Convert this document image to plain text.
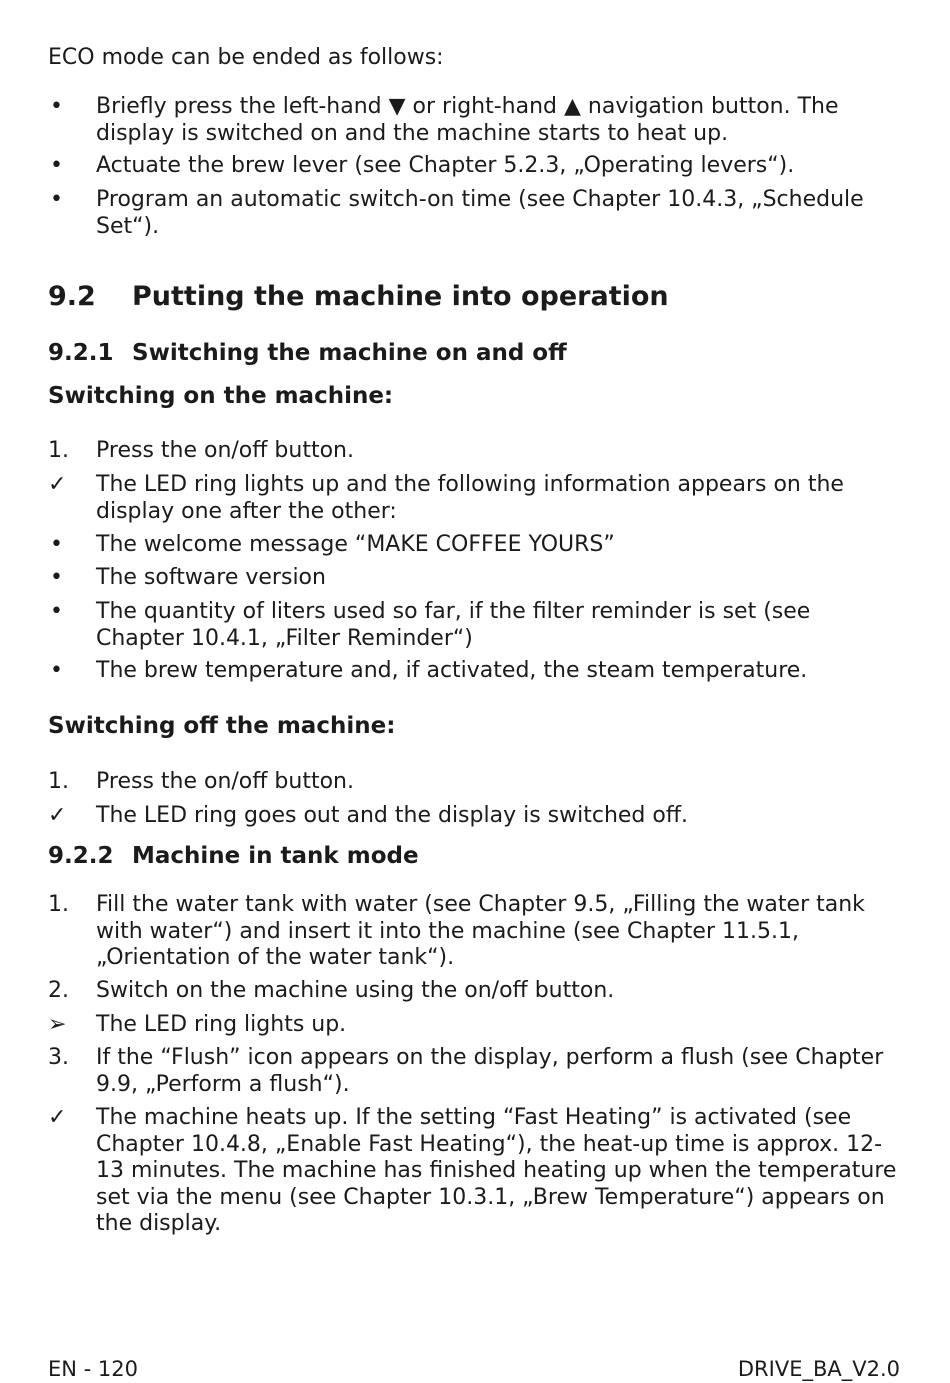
ECO mode can be ended as follows:
•	Briefly press the left-hand ▼ or right-hand ▲ navigation button. The display is switched on and the machine starts to heat up.
•	Actuate the brew lever (see Chapter 5.2.3, „Operating levers“).
•	Program an automatic switch-on time (see Chapter 10.4.3, „Schedule Set“).
9.2 Putting the machine into operation
9.2.1 Switching the machine on and off
Switching on the machine:
1.	Press the on/off button.
✓	The LED ring lights up and the following information appears on the display one after the other:
•	The welcome message “MAKE COFFEE YOURS”
•	The software version
•	The quantity of liters used so far, if the filter reminder is set (see Chapter 10.4.1, „Filter Reminder“)
•	The brew temperature and, if activated, the steam temperature.
Switching off the machine:
1.	Press the on/off button.
✓	The LED ring goes out and the display is switched off.
9.2.2 Machine in tank mode
1.	Fill the water tank with water (see Chapter 9.5, „Filling the water tank with water“) and insert it into the machine (see Chapter 11.5.1, „Orientation of the water tank“).
2.	Switch on the machine using the on/off button.
➢	The LED ring lights up.
3.	If the “Flush” icon appears on the display, perform a flush (see Chapter 9.9, „Perform a flush“).
✓	The machine heats up. If the setting “Fast Heating” is activated (see Chapter 10.4.8, „Enable Fast Heating“), the heat-up time is approx. 12-13 minutes. The machine has finished heating up when the temperature set via the menu (see Chapter 10.3.1, „Brew Temperature“) appears on the display.
EN - 120	DRIVE_BA_V2.0
